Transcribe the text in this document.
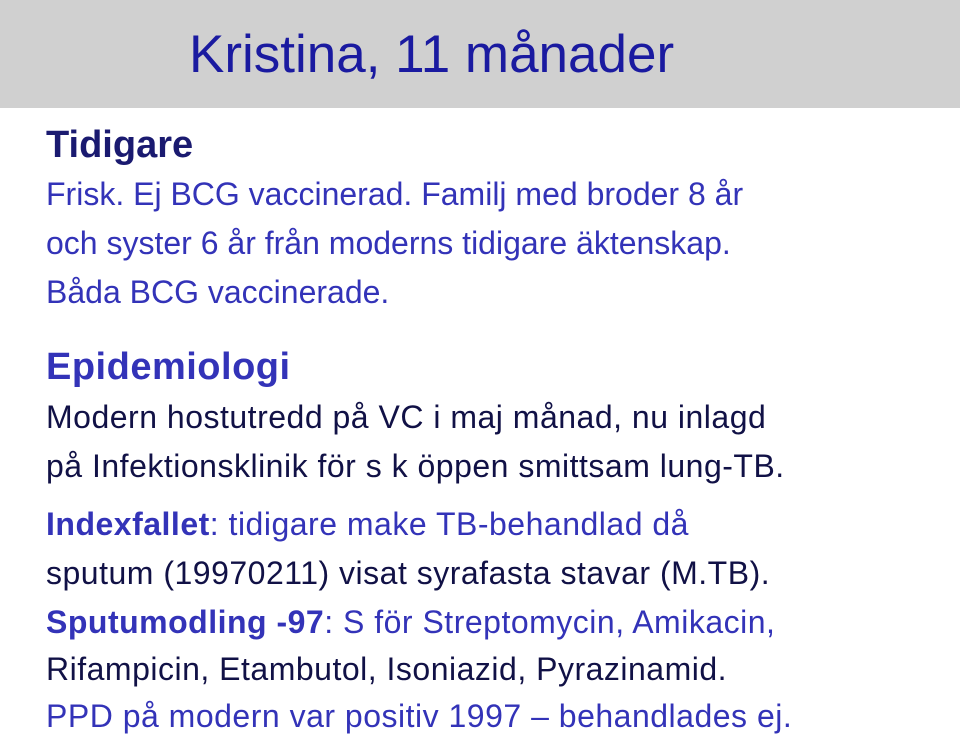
Kristina, 11 månader
Tidigare
Frisk. Ej BCG vaccinerad. Familj med broder 8 år
och syster 6 år från moderns tidigare äktenskap.
Båda BCG vaccinerade.
Epidemiologi
Modern hostutredd på VC i maj månad, nu inlagd
på Infektionsklinik för s k öppen smittsam lung-TB.
Indexfallet: tidigare make TB-behandlad då
sputum (19970211) visat syrafasta stavar (M.TB).
Sputumodling -97: S för Streptomycin, Amikacin,
Rifampicin, Etambutol, Isoniazid, Pyrazinamid.
PPD på modern var positiv 1997 – behandlades ej.
